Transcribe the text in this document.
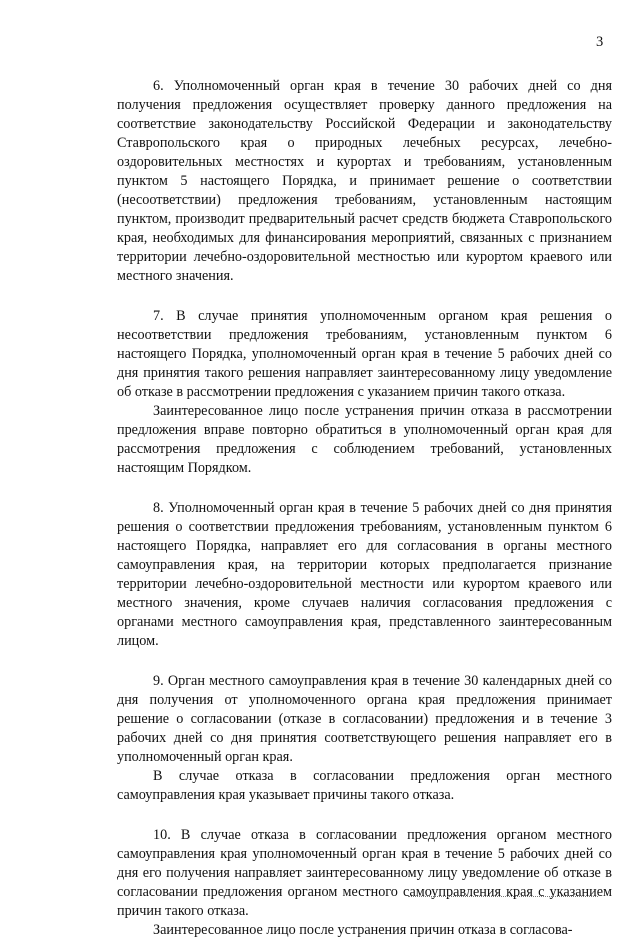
3

6. Уполномоченный орган края в течение 30 рабочих дней со дня получения предложения осуществляет проверку данного предложения на соответствие законодательству Российской Федерации и законодательству Ставропольского края о природных лечебных ресурсах, лечебно-оздоровительных местностях и курортах и требованиям, установленным пунктом 5 настоящего Порядка, и принимает решение о соответствии (несоответствии) предложения требованиям, установленным настоящим пунктом, производит предварительный расчет средств бюджета Ставропольского края, необходимых для финансирования мероприятий, связанных с признанием территории лечебно-оздоровительной местностью или курортом краевого или местного значения.

7. В случае принятия уполномоченным органом края решения о несоответствии предложения требованиям, установленным пунктом 6 настоящего Порядка, уполномоченный орган края в течение 5 рабочих дней со дня принятия такого решения направляет заинтересованному лицу уведомление об отказе в рассмотрении предложения с указанием причин такого отказа.

Заинтересованное лицо после устранения причин отказа в рассмотрении предложения вправе повторно обратиться в уполномоченный орган края для рассмотрения предложения с соблюдением требований, установленных настоящим Порядком.

8. Уполномоченный орган края в течение 5 рабочих дней со дня принятия решения о соответствии предложения требованиям, установленным пунктом 6 настоящего Порядка, направляет его для согласования в органы местного самоуправления края, на территории которых предполагается признание территории лечебно-оздоровительной местности или курортом краевого или местного значения, кроме случаев наличия согласования предложения с органами местного самоуправления края, представленного заинтересованным лицом.

9. Орган местного самоуправления края в течение 30 календарных дней со дня получения от уполномоченного органа края предложения принимает решение о согласовании (отказе в согласовании) предложения и в течение 3 рабочих дней со дня принятия соответствующего решения направляет его в уполномоченный орган края.

В случае отказа в согласовании предложения орган местного самоуправления края указывает причины такого отказа.

10. В случае отказа в согласовании предложения органом местного самоуправления края уполномоченный орган края в течение 5 рабочих дней со дня его получения направляет заинтересованному лицу уведомление об отказе в согласовании предложения органом местного самоуправления края с указанием причин такого отказа.

Заинтересованное лицо после устранения причин отказа в согласова-
